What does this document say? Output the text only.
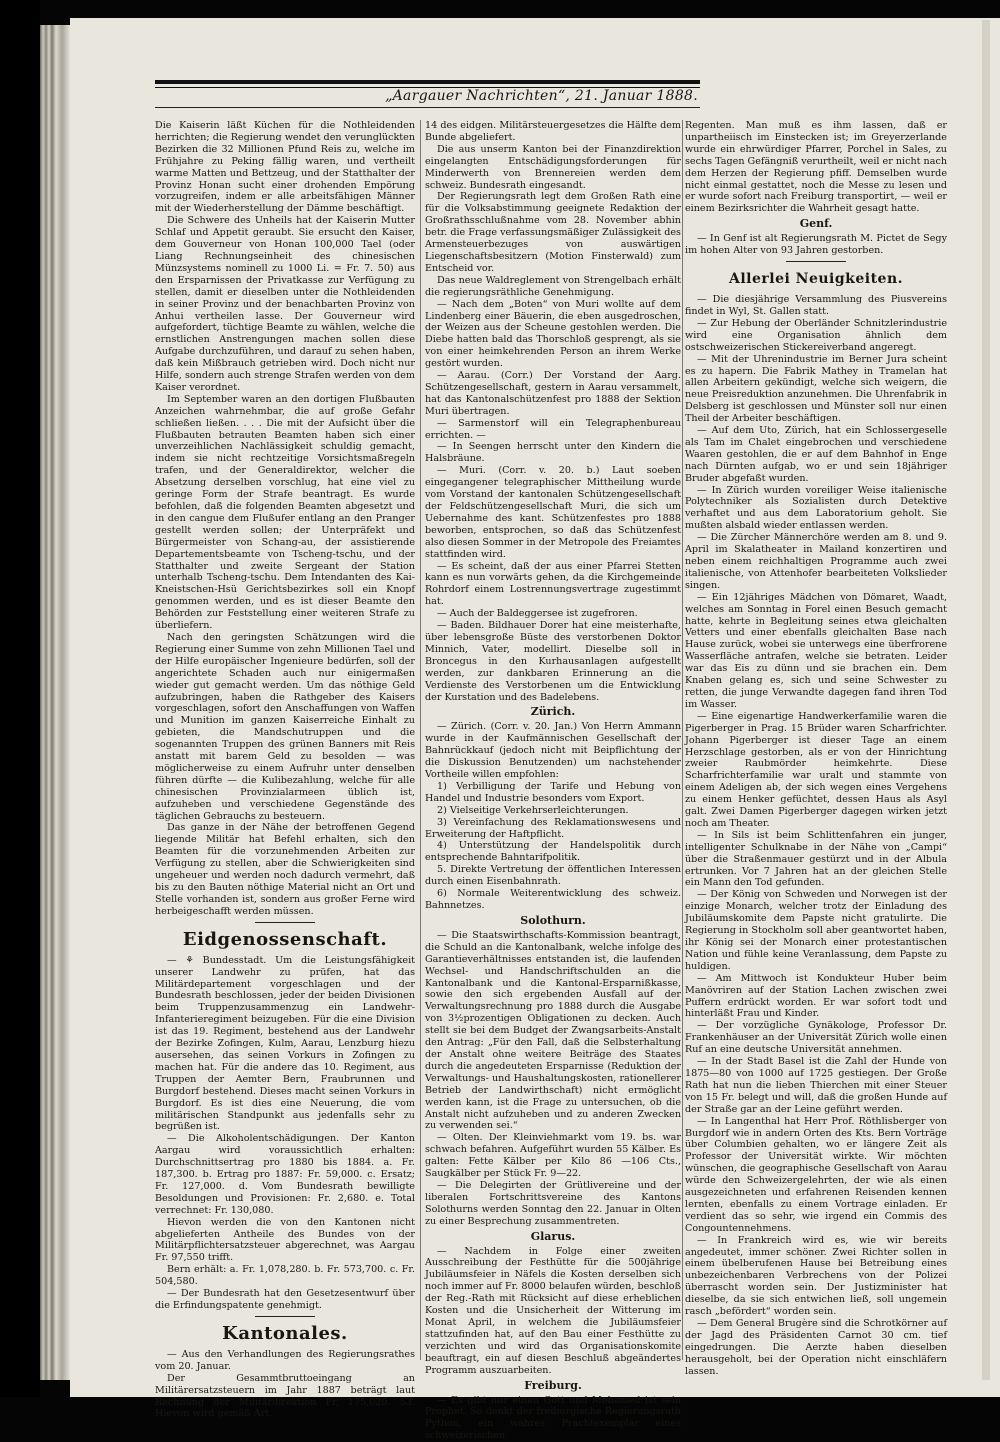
„Aargauer Nachrichten“, 21. Januar 1888.

Die Kaiserin läßt Küchen für die Nothleidenden herrichten; die Regierung wendet den verunglückten Bezirken die 32 Millionen Pfund Reis zu, welche im Frühjahre zu Peking fällig waren, und vertheilt warme Matten und Bettzeug, und der Statthalter der Provinz Honan sucht einer drohenden Empörung vorzugreifen, indem er alle arbeitsfähigen Männer mit der Wiederherstellung der Dämme beschäftigt.

Die Schwere des Unheils hat der Kaiserin Mutter Schlaf und Appetit geraubt. Sie ersucht den Kaiser, dem Gouverneur von Honan 100,000 Tael (oder Liang Rechnungseinheit des chinesischen Münzsystems nominell zu 1000 Li. = Fr. 7. 50) aus den Ersparnissen der Privatkasse zur Verfügung zu stellen, damit er dieselben unter die Nothleidenden in seiner Provinz und der benachbarten Provinz von Anhui vertheilen lasse. Der Gouverneur wird aufgefordert, tüchtige Beamte zu wählen, welche die ernstlichen Anstrengungen machen sollen diese Aufgabe durchzuführen, und darauf zu sehen haben, daß kein Mißbrauch getrieben wird. Doch nicht nur Hilfe, sondern auch strenge Strafen werden von dem Kaiser verordnet.

Im September waren an den dortigen Flußbauten Anzeichen wahrnehmbar, die auf große Gefahr schließen ließen. . . . Die mit der Aufsicht über die Flußbauten betrauten Beamten haben sich einer unverzeihlichen Nachlässigkeit schuldig gemacht, indem sie nicht rechtzeitige Vorsichtsmaßregeln trafen, und der Generaldirektor, welcher die Absetzung derselben vorschlug, hat eine viel zu geringe Form der Strafe beantragt. Es wurde befohlen, daß die folgenden Beamten abgesetzt und in den cangue dem Flußufer entlang an den Pranger gestellt werden sollen; der Unterpräfekt und Bürgermeister von Schang-au, der assistierende Departementsbeamte von Tscheng-tschu, und der Statthalter und zweite Sergeant der Station unterhalb Tscheng-tschu. Dem Intendanten des Kai-Kneistschen-Hsü Gerichtsbezirkes soll ein Knopf genommen werden, und es ist dieser Beamte den Behörden zur Feststellung einer weiteren Strafe zu überliefern.

Nach den geringsten Schätzungen wird die Regierung einer Summe von zehn Millionen Tael und der Hilfe europäischer Ingenieure bedürfen, soll der angerichtete Schaden auch nur einigermaßen wieder gut gemacht werden. Um das nöthige Geld aufzubringen, haben die Rathgeber des Kaisers vorgeschlagen, sofort den Anschaffungen von Waffen und Munition im ganzen Kaiserreiche Einhalt zu gebieten, die Mandschutruppen und die sogenannten Truppen des grünen Banners mit Reis anstatt mit barem Geld zu besolden — was möglicherweise zu einem Aufruhr unter denselben führen dürfte — die Kulibezahlung, welche für alle chinesischen Provinzialarmeen üblich ist, aufzuheben und verschiedene Gegenstände des täglichen Gebrauchs zu besteuern.

Das ganze in der Nähe der betroffenen Gegend liegende Militär hat Befehl erhalten, sich den Beamten für die vorzunehmenden Arbeiten zur Verfügung zu stellen, aber die Schwierigkeiten sind ungeheuer und werden noch dadurch vermehrt, daß bis zu den Bauten nöthige Material nicht an Ort und Stelle vorhanden ist, sondern aus großer Ferne wird herbeigeschafft werden müssen.

Eidgenossenschaft.

— ⚘ Bundesstadt. Um die Leistungsfähigkeit unserer Landwehr zu prüfen, hat das Militärdepartement vorgeschlagen und der Bundesrath beschlossen, jeder der beiden Divisionen beim Truppenzusammenzug ein Landwehr-Infanterieregiment beizugeben. Für die eine Division ist das 19. Regiment, bestehend aus der Landwehr der Bezirke Zofingen, Kulm, Aarau, Lenzburg hiezu ausersehen, das seinen Vorkurs in Zofingen zu machen hat. Für die andere das 10. Regiment, aus Truppen der Aemter Bern, Fraubrunnen und Burgdorf bestehend. Dieses macht seinen Vorkurs in Burgdorf. Es ist dies eine Neuerung, die vom militärischen Standpunkt aus jedenfalls sehr zu begrüßen ist.

— Die Alkoholentschädigungen. Der Kanton Aargau wird voraussichtlich erhalten: Durchschnittsertrag pro 1880 bis 1884. a. Fr. 187,300. b. Ertrag pro 1887: Fr. 59,000. c. Ersatz; Fr. 127,000. d. Vom Bundesrath bewilligte Besoldungen und Provisionen: Fr. 2,680. e. Total verrechnet: Fr. 130,080.

Hievon werden die von den Kantonen nicht abgelieferten Antheile des Bundes von der Militärpflichtersatzsteuer abgerechnet, was Aargau Fr. 97,550 trifft.

Bern erhält: a. Fr. 1,078,280. b. Fr. 573,700. c. Fr. 504,580.

— Der Bundesrath hat den Gesetzesentwurf über die Erfindungspatente genehmigt.

Kantonales.

— Aus den Verhandlungen des Regierungsrathes vom 20. Januar.

Der Gesammtbruttoeingang an Militärersatzsteuern im Jahr 1887 beträgt laut Rechnung der Militärdirektion Fr. 175,020. 53. Hievon wird gemäß Art.

14 des eidgen. Militärsteuergesetzes die Hälfte dem Bunde abgeliefert.

Die aus unserm Kanton bei der Finanzdirektion eingelangten Entschädigungsforderungen für Minderwerth von Brennereien werden dem schweiz. Bundesrath eingesandt.

Der Regierungsrath legt dem Großen Rath eine für die Volksabstimmung geeignete Redaktion der Großrathsschlußnahme vom 28. November abhin betr. die Frage verfassungsmäßiger Zulässigkeit des Armensteuerbezuges von auswärtigen Liegenschaftsbesitzern (Motion Finsterwald) zum Entscheid vor.

Das neue Waldreglement von Strengelbach erhält die regierungsräthliche Genehmigung.

— Nach dem „Boten“ von Muri wollte auf dem Lindenberg einer Bäuerin, die eben ausgedroschen, der Weizen aus der Scheune gestohlen werden. Die Diebe hatten bald das Thorschloß gesprengt, als sie von einer heimkehrenden Person an ihrem Werke gestört wurden.

— Aarau. (Corr.) Der Vorstand der Aarg. Schützengesellschaft, gestern in Aarau versammelt, hat das Kantonalschützenfest pro 1888 der Sektion Muri übertragen.

— Sarmenstorf will ein Telegraphenbureau errichten. —

— In Seengen herrscht unter den Kindern die Halsbräune.

— Muri. (Corr. v. 20. b.) Laut soeben eingegangener telegraphischer Mittheilung wurde vom Vorstand der kantonalen Schützengesellschaft der Feldschützengesellschaft Muri, die sich um Uebernahme des kant. Schützenfestes pro 1888 beworben, entsprochen, so daß das Schützenfest also diesen Sommer in der Metropole des Freiamtes stattfinden wird.

— Es scheint, daß der aus einer Pfarrei Stetten kann es nun vorwärts gehen, da die Kirchgemeinde Rohrdorf einem Lostrennungsvertrage zugestimmt hat.

— Auch der Baldeggersee ist zugefroren.

— Baden. Bildhauer Dorer hat eine meisterhafte, über lebensgroße Büste des verstorbenen Doktor Minnich, Vater, modellirt. Dieselbe soll in Broncegus in den Kurhausanlagen aufgestellt werden, zur dankbaren Erinnerung an die Verdienste des Verstorbenen um die Entwicklung der Kurstation und des Badelebens.

Zürich.

— Zürich. (Corr. v. 20. Jan.) Von Herrn Ammann wurde in der Kaufmännischen Gesellschaft der Bahnrückkauf (jedoch nicht mit Beipflichtung der die Diskussion Benutzenden) um nachstehender Vortheile willen empfohlen:

1) Verbilligung der Tarife und Hebung von Handel und Industrie besonders vom Export.

2) Vielseitige Verkehrserleichterungen.

3) Vereinfachung des Reklamationswesens und Erweiterung der Haftpflicht.

4) Unterstützung der Handelspolitik durch entsprechende Bahntarifpolitik.

5. Direkte Vertretung der öffentlichen Interessen durch einen Eisenbahnrath.

6) Normale Weiterentwicklung des schweiz. Bahnnetzes.

Solothurn.

— Die Staatswirthschafts-Kommission beantragt, die Schuld an die Kantonalbank, welche infolge des Garantieverhältnisses entstanden ist, die laufenden Wechsel- und Handschriftschulden an die Kantonalbank und die Kantonal-Ersparnißkasse, sowie den sich ergebenden Ausfall auf der Verwaltungsrechnung pro 1888 durch die Ausgabe von 3½prozentigen Obligationen zu decken. Auch stellt sie bei dem Budget der Zwangsarbeits-Anstalt den Antrag: „Für den Fall, daß die Selbsterhaltung der Anstalt ohne weitere Beiträge des Staates durch die angedeuteten Ersparnisse (Reduktion der Verwaltungs- und Haushaltungskosten, rationellerer Betrieb der Landwirthschaft) nicht ermöglicht werden kann, ist die Frage zu untersuchen, ob die Anstalt nicht aufzuheben und zu anderen Zwecken zu verwenden sei.“

— Olten. Der Kleinviehmarkt vom 19. bs. war schwach befahren. Aufgeführt wurden 55 Kälber. Es galten: Fette Kälber per Kilo 86 —106 Cts., Saugkälber per Stück Fr. 9—22.

— Die Delegirten der Grütlivereine und der liberalen Fortschrittsvereine des Kantons Solothurns werden Sonntag den 22. Januar in Olten zu einer Besprechung zusammentreten.

Glarus.

— Nachdem in Folge einer zweiten Ausschreibung der Festhütte für die 500jährige Jubiläumsfeier in Näfels die Kosten derselben sich noch immer auf Fr. 8000 belaufen würden, beschloß der Reg.-Rath mit Rücksicht auf diese erheblichen Kosten und die Unsicherheit der Witterung im Monat April, in welchem die Jubiläumsfeier stattzufinden hat, auf den Bau einer Festhütte zu verzichten und wird das Organisationskomite beauftragt, ein auf diesen Beschluß abgeändertes Programm auszuarbeiten.

Freiburg.

— Es gibt nur einen Gott und Mohamed ist sein Prophet. So denkt der freiburgische Regierungsrath Python, ein wahres Prachtexemplar eines schweizerischen

Regenten. Man muß es ihm lassen, daß er unpartheiisch im Einstecken ist; im Greyerzerlande wurde ein ehrwürdiger Pfarrer, Porchel in Sales, zu sechs Tagen Gefängniß verurtheilt, weil er nicht nach dem Herzen der Regierung pfiff. Demselben wurde nicht einmal gestattet, noch die Messe zu lesen und er wurde sofort nach Freiburg transportirt, — weil er einem Bezirksrichter die Wahrheit gesagt hatte.

Genf.

— In Genf ist alt Regierungsrath M. Pictet de Segy im hohen Alter von 93 Jahren gestorben.

Allerlei Neuigkeiten.

— Die diesjährige Versammlung des Piusvereins findet in Wyl, St. Gallen statt.

— Zur Hebung der Oberländer Schnitzlerindustrie wird eine Organisation ähnlich dem ostschweizerischen Stickereiverband angeregt.

— Mit der Uhrenindustrie im Berner Jura scheint es zu hapern. Die Fabrik Mathey in Tramelan hat allen Arbeitern gekündigt, welche sich weigern, die neue Preisreduktion anzunehmen. Die Uhrenfabrik in Delsberg ist geschlossen und Münster soll nur einen Theil der Arbeiter beschäftigen.

— Auf dem Uto, Zürich, hat ein Schlossergeselle als Tam im Chalet eingebrochen und verschiedene Waaren gestohlen, die er auf dem Bahnhof in Enge nach Dürnten aufgab, wo er und sein 18jähriger Bruder abgefaßt wurden.

— In Zürich wurden voreiliger Weise italienische Polytechniker als Sozialisten durch Detektive verhaftet und aus dem Laboratorium geholt. Sie mußten alsbald wieder entlassen werden.

— Die Zürcher Männerchöre werden am 8. und 9. April im Skalatheater in Mailand konzertiren und neben einem reichhaltigen Programme auch zwei italienische, von Attenhofer bearbeiteten Volkslieder singen.

— Ein 12jähriges Mädchen von Dömaret, Waadt, welches am Sonntag in Forel einen Besuch gemacht hatte, kehrte in Begleitung seines etwa gleichalten Vetters und einer ebenfalls gleichalten Base nach Hause zurück, wobei sie unterwegs eine überfrorene Wasserfläche antrafen, welche sie betraten. Leider war das Eis zu dünn und sie brachen ein. Dem Knaben gelang es, sich und seine Schwester zu retten, die junge Verwandte dagegen fand ihren Tod im Wasser.

— Eine eigenartige Handwerkerfamilie waren die Pigerberger in Prag. 15 Brüder waren Scharfrichter. Johann Pigerberger ist dieser Tage an einem Herzschlage gestorben, als er von der Hinrichtung zweier Raubmörder heimkehrte. Diese Scharfrichterfamilie war uralt und stammte von einem Adeligen ab, der sich wegen eines Vergehens zu einem Henker gefüchtet, dessen Haus als Asyl galt. Zwei Damen Pigerberger dagegen wirken jetzt noch am Theater.

— In Sils ist beim Schlittenfahren ein junger, intelligenter Schulknabe in der Nähe von „Campi“ über die Straßenmauer gestürzt und in der Albula ertrunken. Vor 7 Jahren hat an der gleichen Stelle ein Mann den Tod gefunden.

— Der König von Schweden und Norwegen ist der einzige Monarch, welcher trotz der Einladung des Jubiläumskomite dem Papste nicht gratulirte. Die Regierung in Stockholm soll aber geantwortet haben, ihr König sei der Monarch einer protestantischen Nation und fühle keine Veranlassung, dem Papste zu huldigen.

— Am Mittwoch ist Kondukteur Huber beim Manövriren auf der Station Lachen zwischen zwei Puffern erdrückt worden. Er war sofort todt und hinterläßt Frau und Kinder.

— Der vorzügliche Gynäkologe, Professor Dr. Frankenhäuser an der Universität Zürich wolle einen Ruf an eine deutsche Universität annehmen.

— In der Stadt Basel ist die Zahl der Hunde von 1875—80 von 1000 auf 1725 gestiegen. Der Große Rath hat nun die lieben Thierchen mit einer Steuer von 15 Fr. belegt und will, daß die großen Hunde auf der Straße gar an der Leine geführt werden.

— In Langenthal hat Herr Prof. Röthlisberger von Burgdorf wie in andern Orten des Kts. Bern Vorträge über Columbien gehalten, wo er längere Zeit als Professor der Universität wirkte. Wir möchten wünschen, die geographische Gesellschaft von Aarau würde den Schweizergelehrten, der wie als einen ausgezeichneten und erfahrenen Reisenden kennen lernten, ebenfalls zu einem Vortrage einladen. Er verdient das so sehr, wie irgend ein Commis des Congountennehmens.

— In Frankreich wird es, wie wir bereits angedeutet, immer schöner. Zwei Richter sollen in einem übelberufenen Hause bei Betreibung eines unbezeichenbaren Verbrechens von der Polizei überrascht worden sein. Der Justizminister hat dieselbe, da sie sich entwichen ließ, soll ungemein rasch „befördert“ worden sein.

— Dem General Brugère sind die Schrotkörner auf der Jagd des Präsidenten Carnot 30 cm. tief eingedrungen. Die Aerzte haben dieselben herausgeholt, bei der Operation nicht einschläfern lassen.
